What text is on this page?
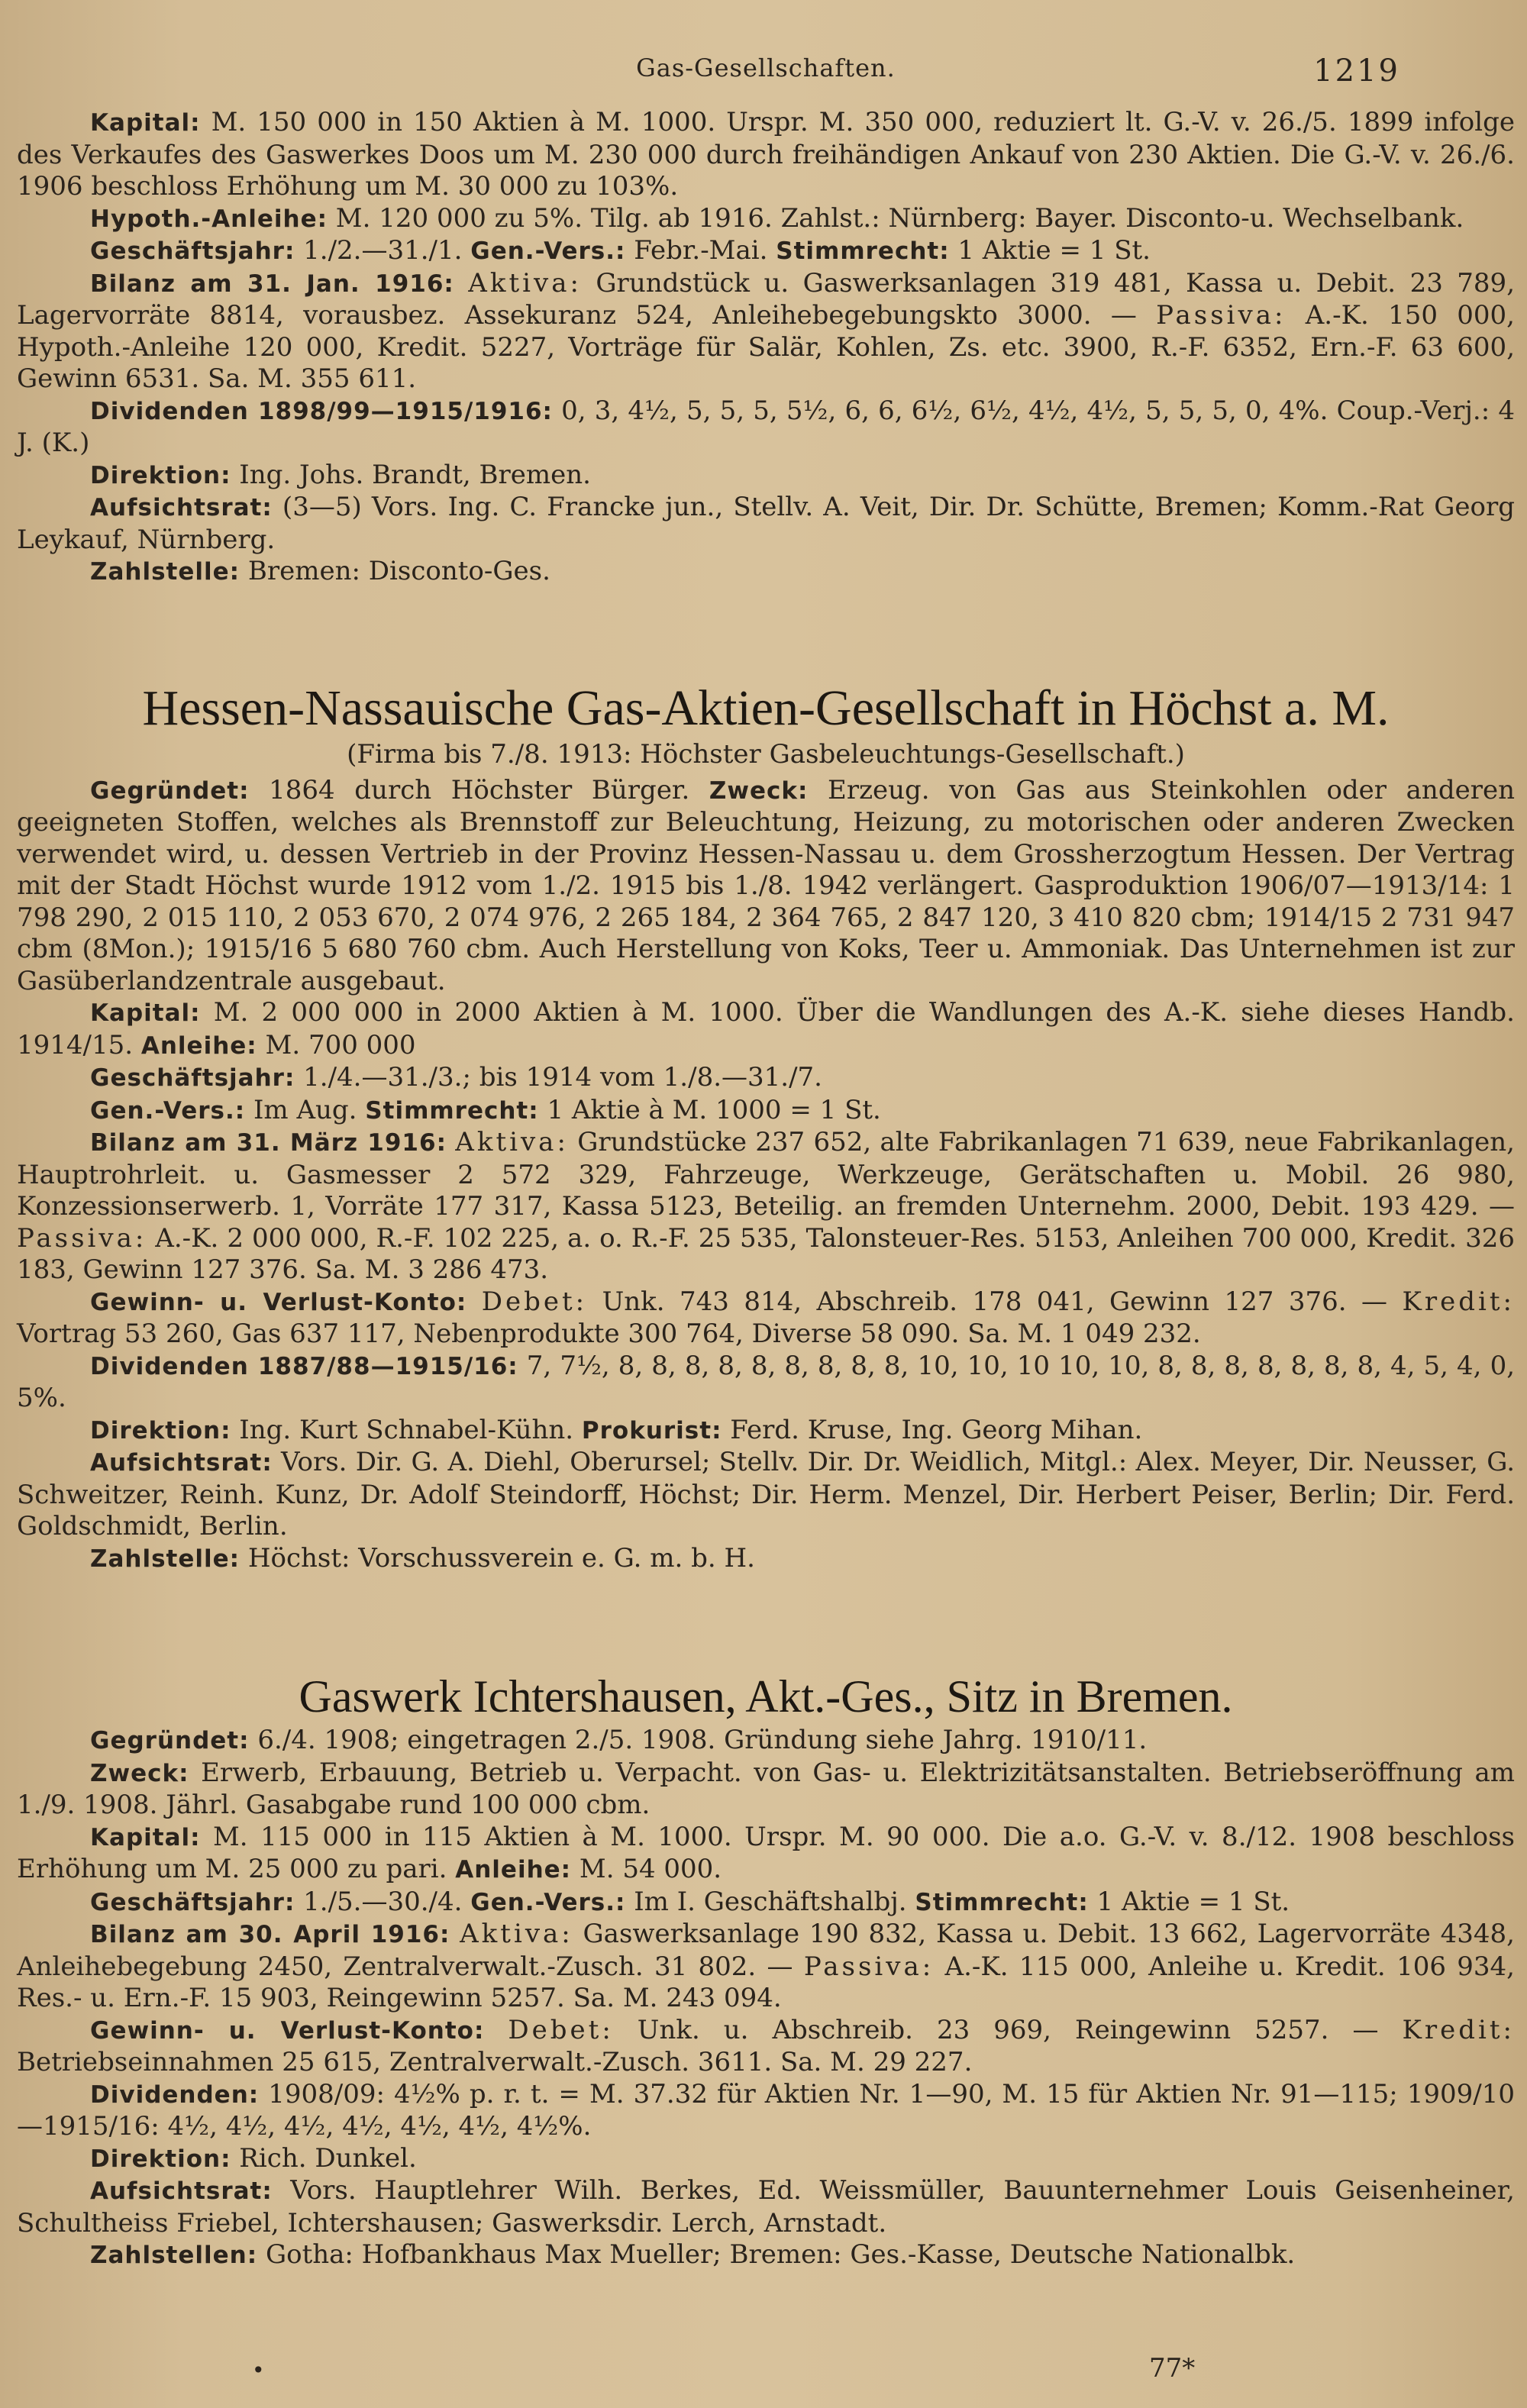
Gas-Gesellschaften.	1219

Kapital: M. 150 000 in 150 Aktien à M. 1000. Urspr. M. 350 000, reduziert lt. G.-V. v. 26./5. 1899 infolge des Verkaufes des Gaswerkes Doos um M. 230 000 durch freihändigen Ankauf von 230 Aktien. Die G.-V. v. 26./6. 1906 beschloss Erhöhung um M. 30 000 zu 103%.

Hypoth.-Anleihe: M. 120 000 zu 5%. Tilg. ab 1916. Zahlst.: Nürnberg: Bayer. Disconto-u. Wechselbank.

Geschäftsjahr: 1./2.—31./1. Gen.-Vers.: Febr.-Mai. Stimmrecht: 1 Aktie = 1 St.

Bilanz am 31. Jan. 1916: Aktiva: Grundstück u. Gaswerksanlagen 319 481, Kassa u. Debit. 23 789, Lagervorräte 8814, vorausbez. Assekuranz 524, Anleihebegebungskto 3000. — Passiva: A.-K. 150 000, Hypoth.-Anleihe 120 000, Kredit. 5227, Vorträge für Salär, Kohlen, Zs. etc. 3900, R.-F. 6352, Ern.-F. 63 600, Gewinn 6531. Sa. M. 355 611.

Dividenden 1898/99—1915/1916: 0, 3, 4½, 5, 5, 5, 5½, 6, 6, 6½, 6½, 4½, 4½, 5, 5, 5, 0, 4%. Coup.-Verj.: 4 J. (K.)

Direktion: Ing. Johs. Brandt, Bremen.

Aufsichtsrat: (3—5) Vors. Ing. C. Francke jun., Stellv. A. Veit, Dir. Dr. Schütte, Bremen; Komm.-Rat Georg Leykauf, Nürnberg.

Zahlstelle: Bremen: Disconto-Ges.

Hessen-Nassauische Gas-Aktien-Gesellschaft in Höchst a. M.
(Firma bis 7./8. 1913: Höchster Gasbeleuchtungs-Gesellschaft.)

Gegründet: 1864 durch Höchster Bürger. Zweck: Erzeug. von Gas aus Steinkohlen oder anderen geeigneten Stoffen, welches als Brennstoff zur Beleuchtung, Heizung, zu motorischen oder anderen Zwecken verwendet wird, u. dessen Vertrieb in der Provinz Hessen-Nassau u. dem Grossherzogtum Hessen. Der Vertrag mit der Stadt Höchst wurde 1912 vom 1./2. 1915 bis 1./8. 1942 verlängert. Gasproduktion 1906/07—1913/14: 1 798 290, 2 015 110, 2 053 670, 2 074 976, 2 265 184, 2 364 765, 2 847 120, 3 410 820 cbm; 1914/15 2 731 947 cbm (8Mon.); 1915/16 5 680 760 cbm. Auch Herstellung von Koks, Teer u. Ammoniak. Das Unternehmen ist zur Gasüberlandzentrale ausgebaut.

Kapital: M. 2 000 000 in 2000 Aktien à M. 1000. Über die Wandlungen des A.-K. siehe dieses Handb. 1914/15. Anleihe: M. 700 000

Geschäftsjahr: 1./4.—31./3.; bis 1914 vom 1./8.—31./7.

Gen.-Vers.: Im Aug. Stimmrecht: 1 Aktie à M. 1000 = 1 St.

Bilanz am 31. März 1916: Aktiva: Grundstücke 237 652, alte Fabrikanlagen 71 639, neue Fabrikanlagen, Hauptrohrleit. u. Gasmesser 2 572 329, Fahrzeuge, Werkzeuge, Gerätschaften u. Mobil. 26 980, Konzessionserwerb. 1, Vorräte 177 317, Kassa 5123, Beteilig. an fremden Unternehm. 2000, Debit. 193 429. — Passiva: A.-K. 2 000 000, R.-F. 102 225, a. o. R.-F. 25 535, Talonsteuer-Res. 5153, Anleihen 700 000, Kredit. 326 183, Gewinn 127 376. Sa. M. 3 286 473.

Gewinn- u. Verlust-Konto: Debet: Unk. 743 814, Abschreib. 178 041, Gewinn 127 376. — Kredit: Vortrag 53 260, Gas 637 117, Nebenprodukte 300 764, Diverse 58 090. Sa. M. 1 049 232.

Dividenden 1887/88—1915/16: 7, 7½, 8, 8, 8, 8, 8, 8, 8, 8, 8, 10, 10, 10 10, 10, 8, 8, 8, 8, 8, 8, 8, 4, 5, 4, 0, 5%.

Direktion: Ing. Kurt Schnabel-Kühn. Prokurist: Ferd. Kruse, Ing. Georg Mihan.

Aufsichtsrat: Vors. Dir. G. A. Diehl, Oberursel; Stellv. Dir. Dr. Weidlich, Mitgl.: Alex. Meyer, Dir. Neusser, G. Schweitzer, Reinh. Kunz, Dr. Adolf Steindorff, Höchst; Dir. Herm. Menzel, Dir. Herbert Peiser, Berlin; Dir. Ferd. Goldschmidt, Berlin.

Zahlstelle: Höchst: Vorschussverein e. G. m. b. H.

Gaswerk Ichtershausen, Akt.-Ges., Sitz in Bremen.

Gegründet: 6./4. 1908; eingetragen 2./5. 1908. Gründung siehe Jahrg. 1910/11.

Zweck: Erwerb, Erbauung, Betrieb u. Verpacht. von Gas- u. Elektrizitätsanstalten. Betriebseröffnung am 1./9. 1908. Jährl. Gasabgabe rund 100 000 cbm.

Kapital: M. 115 000 in 115 Aktien à M. 1000. Urspr. M. 90 000. Die a.o. G.-V. v. 8./12. 1908 beschloss Erhöhung um M. 25 000 zu pari. Anleihe: M. 54 000.

Geschäftsjahr: 1./5.—30./4. Gen.-Vers.: Im I. Geschäftshalbj. Stimmrecht: 1 Aktie = 1 St.

Bilanz am 30. April 1916: Aktiva: Gaswerksanlage 190 832, Kassa u. Debit. 13 662, Lagervorräte 4348, Anleihebegebung 2450, Zentralverwalt.-Zusch. 31 802. — Passiva: A.-K. 115 000, Anleihe u. Kredit. 106 934, Res.- u. Ern.-F. 15 903, Reingewinn 5257. Sa. M. 243 094.

Gewinn- u. Verlust-Konto: Debet: Unk. u. Abschreib. 23 969, Reingewinn 5257. — Kredit: Betriebseinnahmen 25 615, Zentralverwalt.-Zusch. 3611. Sa. M. 29 227.

Dividenden: 1908/09: 4½% p. r. t. = M. 37.32 für Aktien Nr. 1—90, M. 15 für Aktien Nr. 91—115; 1909/10—1915/16: 4½, 4½, 4½, 4½, 4½, 4½, 4½%.

Direktion: Rich. Dunkel.

Aufsichtsrat: Vors. Hauptlehrer Wilh. Berkes, Ed. Weissmüller, Bauunternehmer Louis Geisenheiner, Schultheiss Friebel, Ichtershausen; Gaswerksdir. Lerch, Arnstadt.

Zahlstellen: Gotha: Hofbankhaus Max Mueller; Bremen: Ges.-Kasse, Deutsche Nationalbk.

•	77*
